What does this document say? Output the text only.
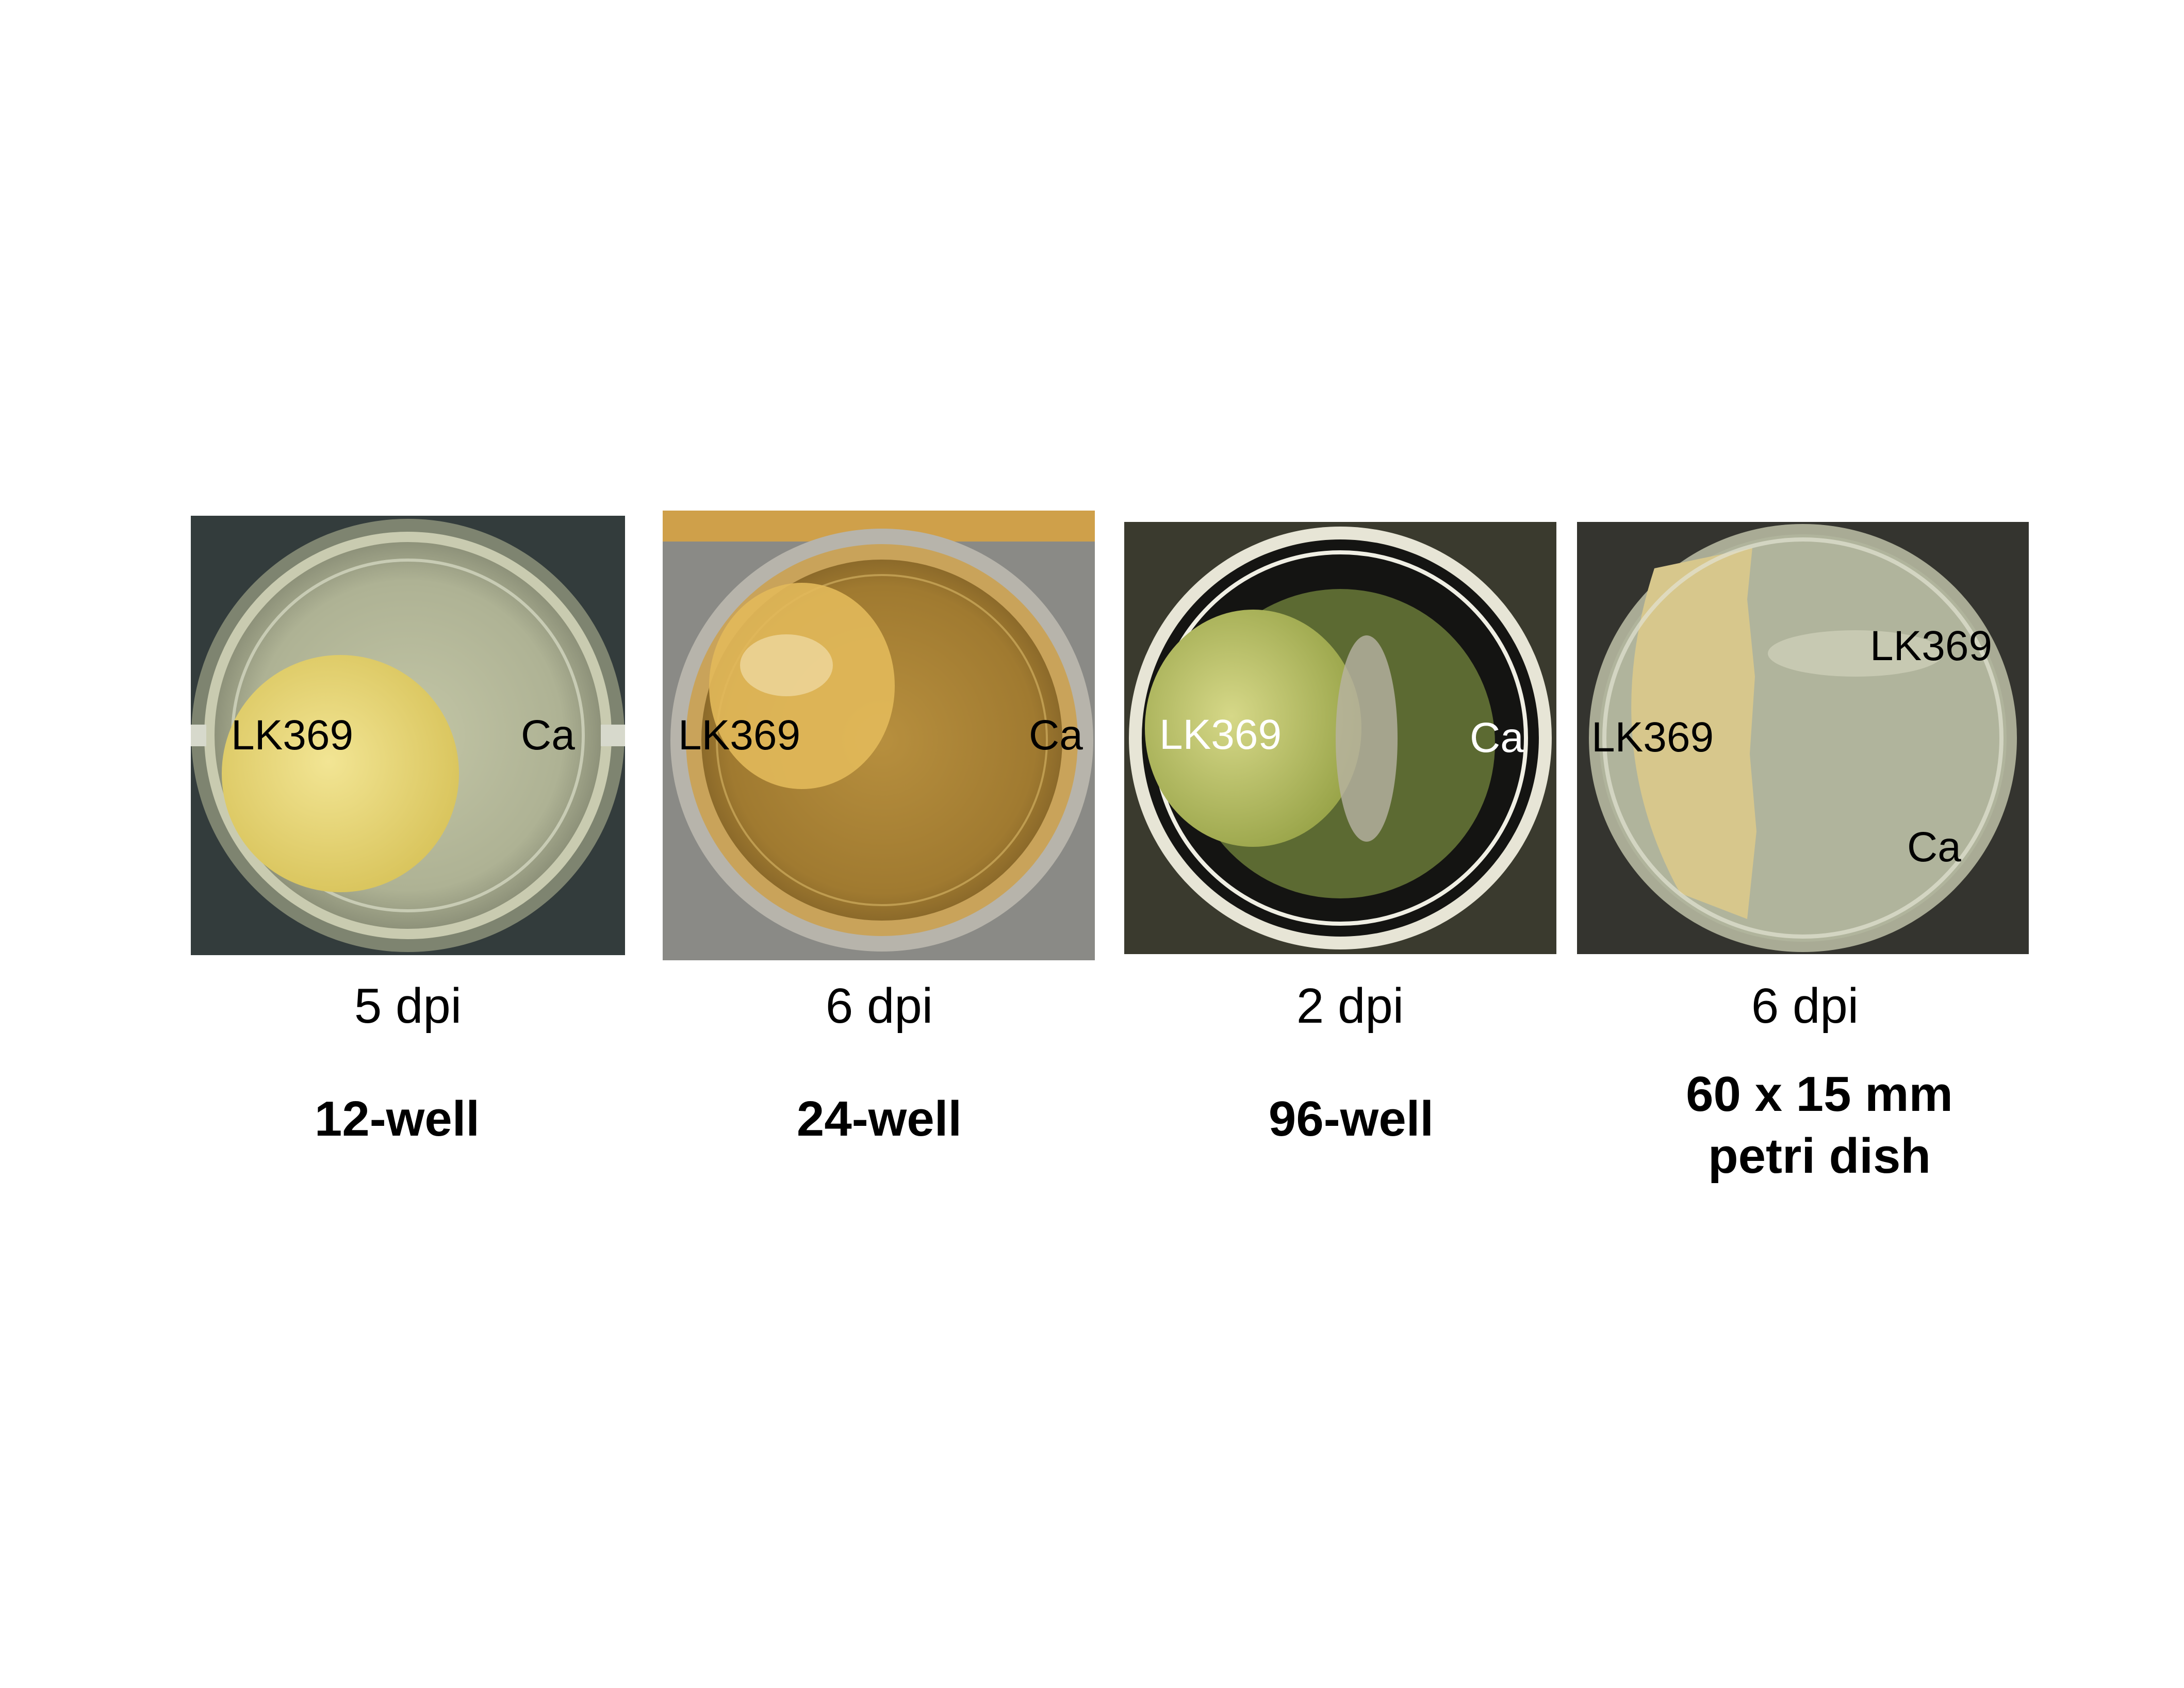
LK369	Ca
5 dpi
12-well
LK369	Ca
6 dpi
24-well
LK369	Ca
2 dpi
96-well
LK369
LK369
Ca
6 dpi
60 x 15 mm
petri dish
